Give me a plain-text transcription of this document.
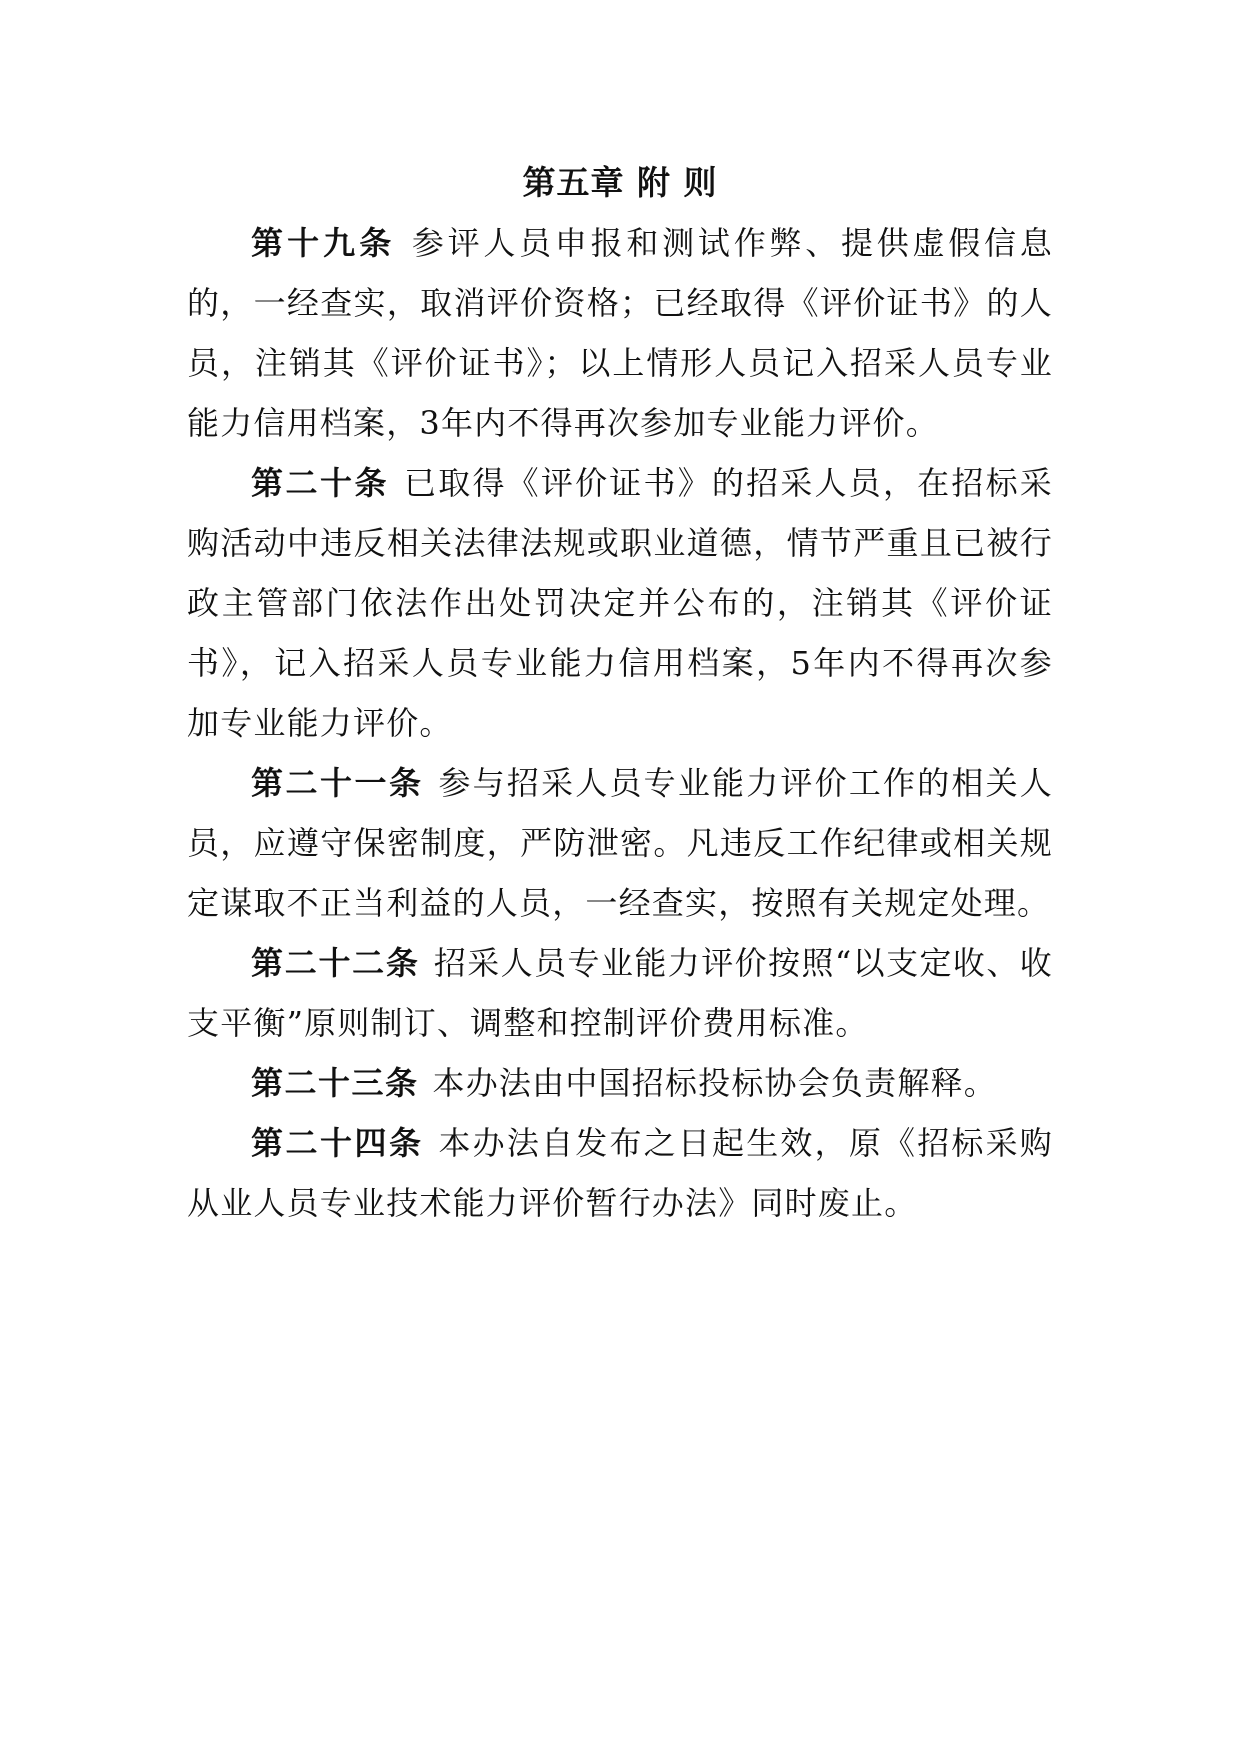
第五章 附 则

第十九条 参评人员申报和测试作弊、提供虚假信息的，一经查实，取消评价资格；已经取得《评价证书》的人员，注销其《评价证书》；以上情形人员记入招采人员专业能力信用档案，3年内不得再次参加专业能力评价。

第二十条 已取得《评价证书》的招采人员，在招标采购活动中违反相关法律法规或职业道德，情节严重且已被行政主管部门依法作出处罚决定并公布的，注销其《评价证书》，记入招采人员专业能力信用档案，5年内不得再次参加专业能力评价。

第二十一条 参与招采人员专业能力评价工作的相关人员，应遵守保密制度，严防泄密。凡违反工作纪律或相关规定谋取不正当利益的人员，一经查实，按照有关规定处理。

第二十二条 招采人员专业能力评价按照“以支定收、收支平衡”原则制订、调整和控制评价费用标准。

第二十三条 本办法由中国招标投标协会负责解释。

第二十四条 本办法自发布之日起生效，原《招标采购从业人员专业技术能力评价暂行办法》同时废止。
